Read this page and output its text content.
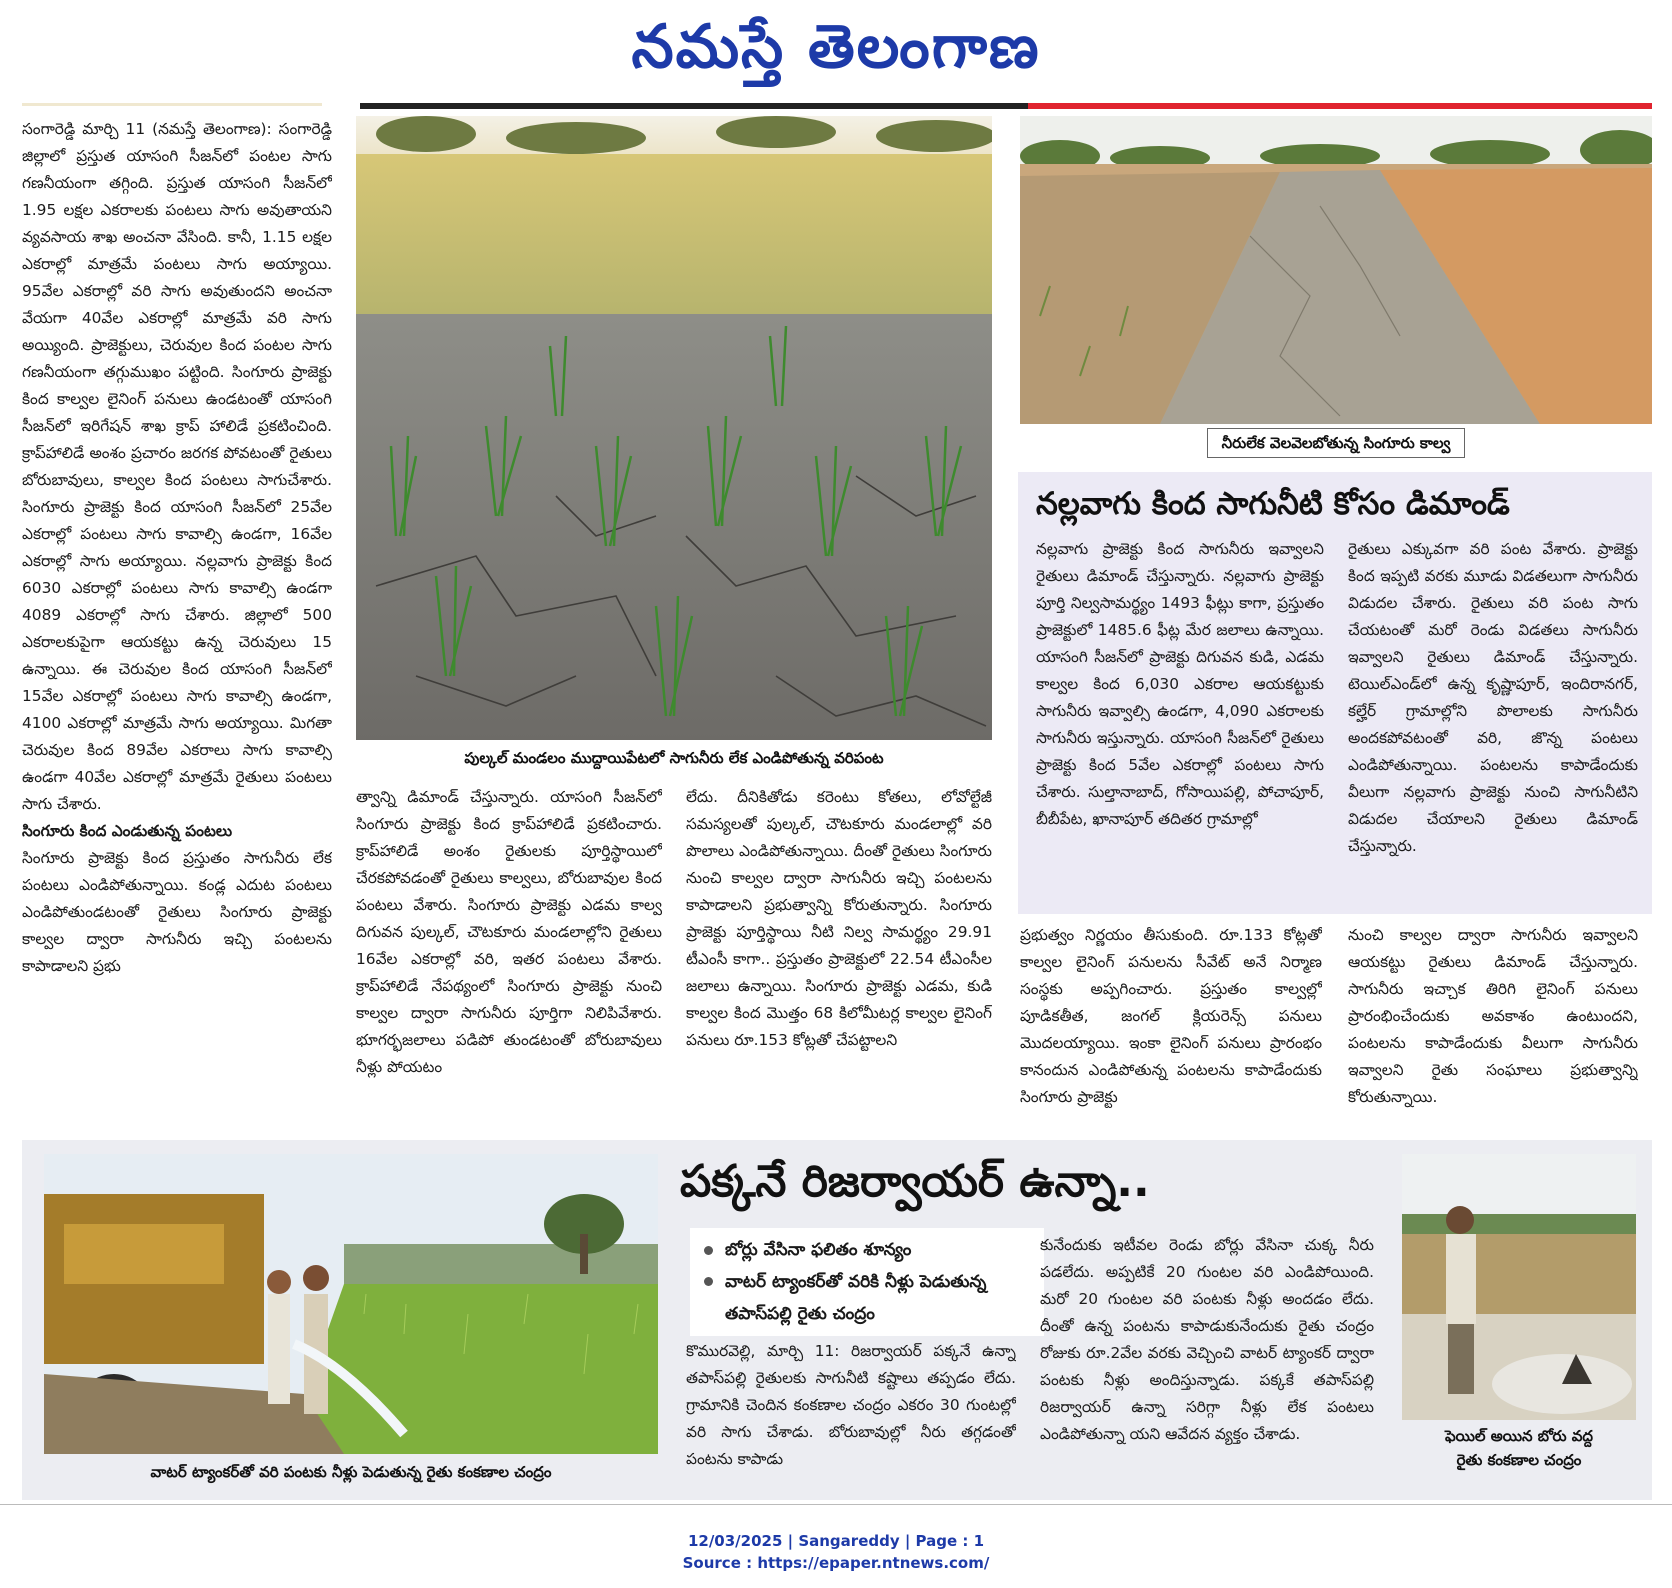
నమస్తే తెలంగాణ

సంగారెడ్డి మార్చి 11 (నమస్తే తెలంగాణ): సంగారెడ్డి జిల్లాలో ప్రస్తుత యాసంగి సీజన్‌లో పంటల సాగు గణనీయంగా తగ్గింది. ప్రస్తుత యాసంగి సీజన్‌లో 1.95 లక్షల ఎకరాలకు పంటలు సాగు అవుతాయని వ్యవసాయ శాఖ అంచనా వేసింది. కానీ, 1.15 లక్షల ఎకరాల్లో మాత్రమే పంటలు సాగు అయ్యాయి. 95వేల ఎకరాల్లో వరి సాగు అవుతుందని అంచనా వేయగా 40వేల ఎకరాల్లో మాత్రమే వరి సాగు అయ్యింది. ప్రాజెక్టులు, చెరువుల కింద పంటల సాగు గణనీయంగా తగ్గుముఖం పట్టింది. సింగూరు ప్రాజెక్టు కింద కాల్వల లైనింగ్ పనులు ఉండటంతో యాసంగి సీజన్‌లో ఇరిగేషన్ శాఖ క్రాప్ హాలిడే ప్రకటించింది. క్రాప్‌హాలిడే అంశం ప్రచారం జరగక పోవటంతో రైతులు బోరుబావులు, కాల్వల కింద పంటలు సాగుచేశారు. సింగూరు ప్రాజెక్టు కింద యాసంగి సీజన్‌లో 25వేల ఎకరాల్లో పంటలు సాగు కావాల్సి ఉండగా, 16వేల ఎకరాల్లో సాగు అయ్యాయి. నల్లవాగు ప్రాజెక్టు కింద 6030 ఎకరాల్లో పంటలు సాగు కావాల్సి ఉండగా 4089 ఎకరాల్లో సాగు చేశారు. జిల్లాలో 500 ఎకరాలకుపైగా ఆయకట్టు ఉన్న చెరువులు 15 ఉన్నాయి. ఈ చెరువుల కింద యాసంగి సీజన్‌లో 15వేల ఎకరాల్లో పంటలు సాగు కావాల్సి ఉండగా, 4100 ఎకరాల్లో మాత్రమే సాగు అయ్యాయి. మిగతా చెరువుల కింద 89వేల ఎకరాలు సాగు కావాల్సి ఉండగా 40వేల ఎకరాల్లో మాత్రమే రైతులు పంటలు సాగు చేశారు.

సింగూరు కింద ఎండుతున్న పంటలు

సింగూరు ప్రాజెక్టు కింద ప్రస్తుతం సాగునీరు లేక పంటలు ఎండిపోతున్నాయి. కండ్ల ఎదుట పంటలు ఎండిపోతుండటంతో రైతులు సింగూరు ప్రాజెక్టు కాల్వల ద్వారా సాగునీరు ఇచ్చి పంటలను కాపాడాలని ప్రభు

పుల్కల్ మండలం ముద్దాయిపేటలో సాగునీరు లేక ఎండిపోతున్న వరిపంట
త్వాన్ని డిమాండ్ చేస్తున్నారు. యాసంగి సీజన్‌లో సింగూరు ప్రాజెక్టు కింద క్రాప్‌హాలిడే ప్రకటించారు. క్రాప్‌హాలిడే అంశం రైతులకు పూర్తిస్థాయిలో చేరకపోవడంతో రైతులు కాల్వలు, బోరుబావుల కింద పంటలు వేశారు. సింగూరు ప్రాజెక్టు ఎడమ కాల్వ దిగువన పుల్కల్, చౌటకూరు మండలాల్లోని రైతులు 16వేల ఎకరాల్లో వరి, ఇతర పంటలు వేశారు. క్రాప్‌హాలిడే నేపథ్యంలో సింగూరు ప్రాజెక్టు నుంచి కాల్వల ద్వారా సాగునీరు పూర్తిగా నిలిపివేశారు. భూగర్భజలాలు పడిపో తుండటంతో బోరుబావులు నీళ్లు పోయటం
లేదు. దీనికితోడు కరెంటు కోతలు, లోవోల్టేజీ సమస్యలతో పుల్కల్, చౌటకూరు మండలాల్లో వరి పొలాలు ఎండిపోతున్నాయి. దీంతో రైతులు సింగూరు నుంచి కాల్వల ద్వారా సాగునీరు ఇచ్చి పంటలను కాపాడాలని ప్రభుత్వాన్ని కోరుతున్నారు. సింగూరు ప్రాజెక్టు పూర్తిస్థాయి నీటి నిల్వ సామర్థ్యం 29.91 టీఎంసీ కాగా.. ప్రస్తుతం ప్రాజెక్టులో 22.54 టీఎంసీల జలాలు ఉన్నాయి. సింగూరు ప్రాజెక్టు ఎడమ, కుడి కాల్వల కింద మొత్తం 68 కిలోమీటర్ల కాల్వల లైనింగ్ పనులు రూ.153 కోట్లతో చేపట్టాలని
నీరులేక వెలవెలబోతున్న సింగూరు కాల్వ
నల్లవాగు కింద సాగునీటి కోసం డిమాండ్
నల్లవాగు ప్రాజెక్టు కింద సాగునీరు ఇవ్వాలని రైతులు డిమాండ్ చేస్తున్నారు. నల్లవాగు ప్రాజెక్టు పూర్తి నిల్వసామర్థ్యం 1493 ఫీట్లు కాగా, ప్రస్తుతం ప్రాజెక్టులో 1485.6 ఫీట్ల మేర జలాలు ఉన్నాయి. యాసంగి సీజన్‌లో ప్రాజెక్టు దిగువన కుడి, ఎడమ కాల్వల కింద 6,030 ఎకరాల ఆయకట్టుకు సాగునీరు ఇవ్వాల్సి ఉండగా, 4,090 ఎకరాలకు సాగునీరు ఇస్తున్నారు. యాసంగి సీజన్‌లో రైతులు ప్రాజెక్టు కింద 5వేల ఎకరాల్లో పంటలు సాగు చేశారు. సుల్తానాబాద్, గోసాయిపల్లి, పోచాపూర్, బీబీపేట, ఖానాపూర్ తదితర గ్రామాల్లో
రైతులు ఎక్కువగా వరి పంట వేశారు. ప్రాజెక్టు కింద ఇప్పటి వరకు మూడు విడతలుగా సాగునీరు విడుదల చేశారు. రైతులు వరి పంట సాగు చేయటంతో మరో రెండు విడతలు సాగునీరు ఇవ్వాలని రైతులు డిమాండ్ చేస్తున్నారు. టెయిల్‌ఎండ్‌లో ఉన్న కృష్ణాపూర్, ఇందిరానగర్, కల్హేర్ గ్రామాల్లోని పొలాలకు సాగునీరు అందకపోవటంతో వరి, జొన్న పంటలు ఎండిపోతున్నాయి. పంటలను కాపాడేందుకు వీలుగా నల్లవాగు ప్రాజెక్టు నుంచి సాగునీటిని విడుదల చేయాలని రైతులు డిమాండ్ చేస్తున్నారు.
ప్రభుత్వం నిర్ణయం తీసుకుంది. రూ.133 కోట్లతో కాల్వల లైనింగ్ పనులను సీవేట్ అనే నిర్మాణ సంస్థకు అప్పగించారు. ప్రస్తుతం కాల్వల్లో పూడికతీత, జంగల్ క్లియరెన్స్ పనులు మొదలయ్యాయి. ఇంకా లైనింగ్ పనులు ప్రారంభం కానందున ఎండిపోతున్న పంటలను కాపాడేందుకు సింగూరు ప్రాజెక్టు
నుంచి కాల్వల ద్వారా సాగునీరు ఇవ్వాలని ఆయకట్టు రైతులు డిమాండ్ చేస్తున్నారు. సాగునీరు ఇచ్చాక తిరిగి లైనింగ్ పనులు ప్రారంభించేందుకు అవకాశం ఉంటుందని, పంటలను కాపాడేందుకు వీలుగా సాగునీరు ఇవ్వాలని రైతు సంఘాలు ప్రభుత్వాన్ని కోరుతున్నాయి.
వాటర్ ట్యాంకర్‌తో వరి పంటకు నీళ్లు పెడుతున్న రైతు కంకణాల చంద్రం
పక్కనే రిజర్వాయర్ ఉన్నా..
బోర్లు వేసినా ఫలితం శూన్యం
వాటర్ ట్యాంకర్‌తో వరికి నీళ్లు పెడుతున్న తపాస్‌పల్లి రైతు చంద్రం
కొమురవెల్లి, మార్చి 11: రిజర్వాయర్ పక్కనే ఉన్నా తపాస్‌పల్లి రైతులకు సాగునీటి కష్టాలు తప్పడం లేదు. గ్రామానికి చెందిన కంకణాల చంద్రం ఎకరం 30 గుంటల్లో వరి సాగు చేశాడు. బోరుబావుల్లో నీరు తగ్గడంతో పంటను కాపాడు
కునేందుకు ఇటీవల రెండు బోర్లు వేసినా చుక్క నీరు పడలేదు. అప్పటికే 20 గుంటల వరి ఎండిపోయింది. మరో 20 గుంటల వరి పంటకు నీళ్లు అందడం లేదు. దీంతో ఉన్న పంటను కాపాడుకునేందుకు రైతు చంద్రం రోజుకు రూ.2వేల వరకు వెచ్చించి వాటర్ ట్యాంకర్ ద్వారా పంటకు నీళ్లు అందిస్తున్నాడు. పక్కకే తపాస్‌పల్లి రిజర్వాయర్ ఉన్నా సరిగ్గా నీళ్లు లేక పంటలు ఎండిపోతున్నా యని ఆవేదన వ్యక్తం చేశాడు.	ఫెయిల్ అయిన బోరు వద్ద
రైతు కంకణాల చంద్రం
12/03/2025 | Sangareddy | Page : 1
Source : https://epaper.ntnews.com/
